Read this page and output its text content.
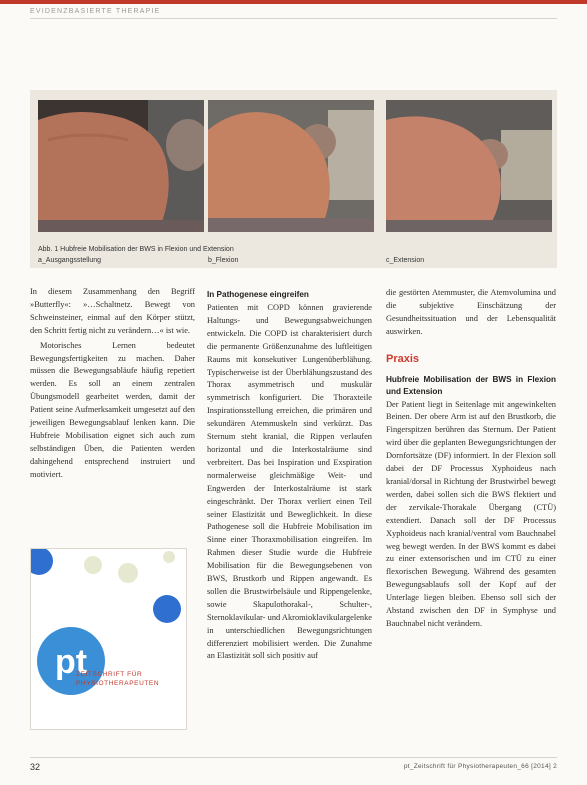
EVIDENZBASIERTE THERAPIE
Abb. 1 Hubfreie Mobilisation der BWS in Flexion und Extension
a_Ausgangsstellung	b_Flexion	c_Extension

In diesem Zusammenhang den Begriff »Butterfly«: »…Schaltnetz. Bewegt von Schweinsteiner, einmal auf den Körper stützt, den Schritt fertig nicht zu verändern…« ist wie.

Motorisches Lernen bedeutet Bewegungsfertigkeiten zu machen. Daher müssen die Bewegungsabläufe häufig repetiert werden. Es soll an einem zentralen Übungsmodell gearbeitet werden, damit der Patient seine Aufmerksamkeit umgesetzt auf den jeweiligen Bewegungsablauf lenken kann. Die Hubfreie Mobilisation eignet sich auch zum selbständigen Üben, die Patienten werden dahingehend entsprechend instruiert und motiviert.

pt
ZEITSCHRIFT FÜR
PHYSIOTHERAPEUTEN
In Pathogenese eingreifen

Patienten mit COPD können gravierende Haltungs- und Bewegungsabweichungen entwickeln. Die COPD ist charakterisiert durch die permanente Größenzunahme des luftleitigen Raums mit konsekutiver Lungenüberblähung. Typischerweise ist der Überblähungszustand des Thorax asymmetrisch und muskulär symmetrisch konfiguriert. Die Thoraxteile Inspirationsstellung erreichen, die primären und sekundären Atemmuskeln sind verkürzt. Das Sternum steht kranial, die Rippen verlaufen horizontal und die Interkostalräume sind verbreitert. Das bei Inspiration und Exspiration normalerweise gleichmäßige Weit- und Engwerden der Interkostalräume ist stark eingeschränkt. Der Thorax verliert einen Teil seiner Elastizität und Beweglichkeit. In diese Pathogenese soll die Hubfreie Mobilisation im Sinne einer Thoraxmobilisation eingreifen. Im Rahmen dieser Studie wurde die Hubfreie Mobilisation für die Bewegungsebenen von BWS, Brustkorb und Rippen angewandt. Es sollen die Brustwirbelsäule und Rippengelenke, sowie Skapulothorakal-, Schulter-, Sternoklavikular- und Akromioklavikulargelenke in unterschiedlichen Bewegungsrichtungen differenziert mobilisiert werden. Die Zunahme an Elastizität soll sich positiv auf

die gestörten Atemmuster, die Atemvolumina und die subjektive Einschätzung der Gesundheitssituation und der Lebensqualität auswirken.

Praxis
Hubfreie Mobilisation der BWS in Flexion und Extension

Der Patient liegt in Seitenlage mit angewinkelten Beinen. Der obere Arm ist auf den Brustkorb, die Fingerspitzen berühren das Sternum. Der Patient wird über die geplanten Bewegungsrichtungen der Dornfortsätze (DF) informiert. In der Flexion soll dabei der DF Processus Xyphoideus nach kranial/dorsal in Richtung der Brustwirbel bewegt werden, dabei sollen sich die BWS flektiert und der zervikale-Thorakale Übergang (CTÜ) extendiert. Danach soll der DF Processus Xyphoideus nach kranial/ventral vom Bauchnabel weg bewegt werden. In der BWS kommt es dabei zu einer extensorischen und im CTÜ zu einer flexorischen Bewegung. Während des gesamten Bewegungsablaufs soll der Kopf auf der Unterlage liegen bleiben. Ebenso soll sich der Abstand zwischen den DF in Symphyse und Bauchnabel nicht verändern.

32	pt_Zeitschrift für Physiotherapeuten_66 [2014] 2
